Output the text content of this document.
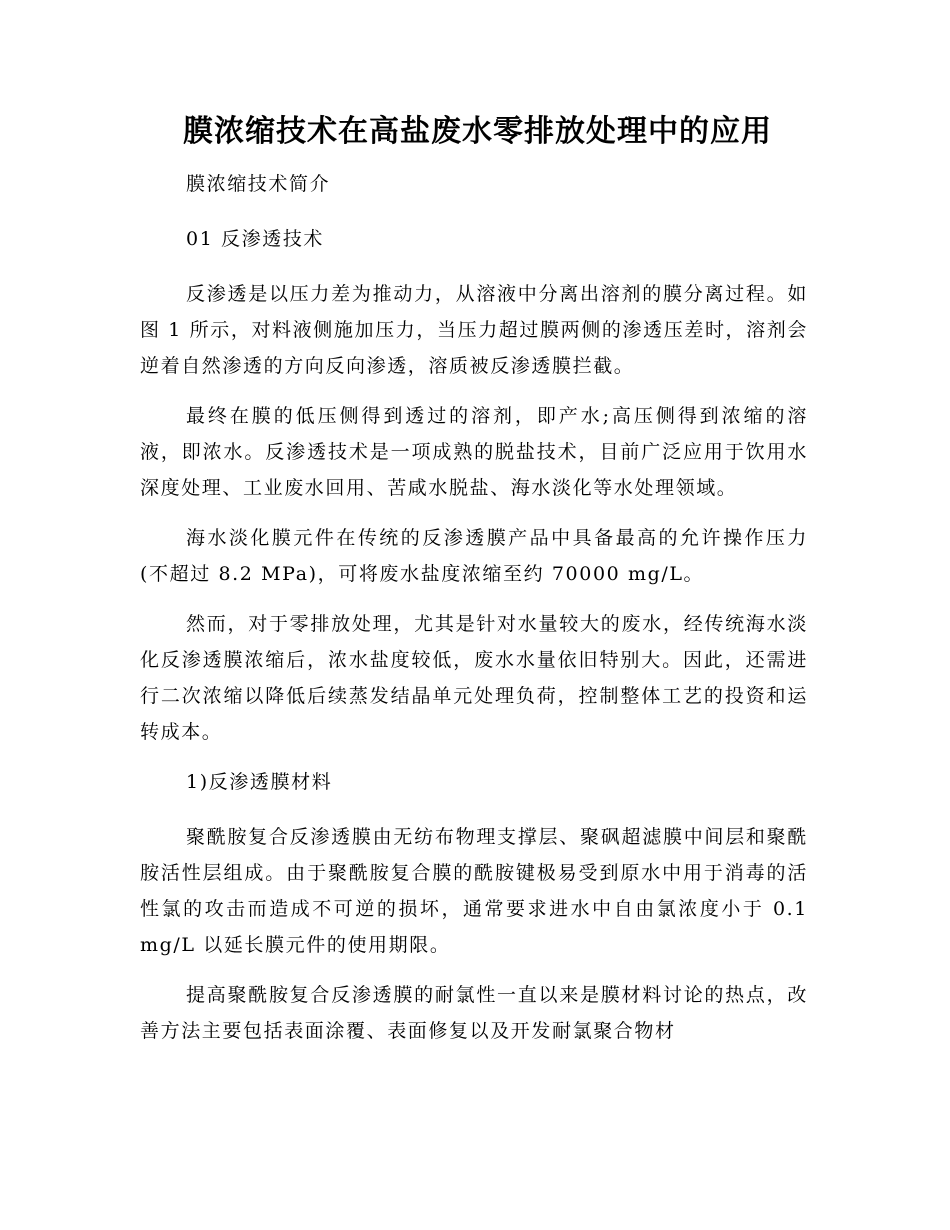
膜浓缩技术在高盐废水零排放处理中的应用

膜浓缩技术简介

01 反渗透技术

反渗透是以压力差为推动力，从溶液中分离出溶剂的膜分离过程。如图 1 所示，对料液侧施加压力，当压力超过膜两侧的渗透压差时，溶剂会逆着自然渗透的方向反向渗透，溶质被反渗透膜拦截。

最终在膜的低压侧得到透过的溶剂，即产水;高压侧得到浓缩的溶液，即浓水。反渗透技术是一项成熟的脱盐技术，目前广泛应用于饮用水深度处理、工业废水回用、苦咸水脱盐、海水淡化等水处理领域。

海水淡化膜元件在传统的反渗透膜产品中具备最高的允许操作压力(不超过 8.2 MPa)，可将废水盐度浓缩至约 70000 mg/L。

然而，对于零排放处理，尤其是针对水量较大的废水，经传统海水淡化反渗透膜浓缩后，浓水盐度较低，废水水量依旧特别大。因此，还需进行二次浓缩以降低后续蒸发结晶单元处理负荷，控制整体工艺的投资和运转成本。

1)反渗透膜材料

聚酰胺复合反渗透膜由无纺布物理支撑层、聚砜超滤膜中间层和聚酰胺活性层组成。由于聚酰胺复合膜的酰胺键极易受到原水中用于消毒的活性氯的攻击而造成不可逆的损坏，通常要求进水中自由氯浓度小于 0.1 mg/L 以延长膜元件的使用期限。

提高聚酰胺复合反渗透膜的耐氯性一直以来是膜材料讨论的热点，改善方法主要包括表面涂覆、表面修复以及开发耐氯聚合物材
